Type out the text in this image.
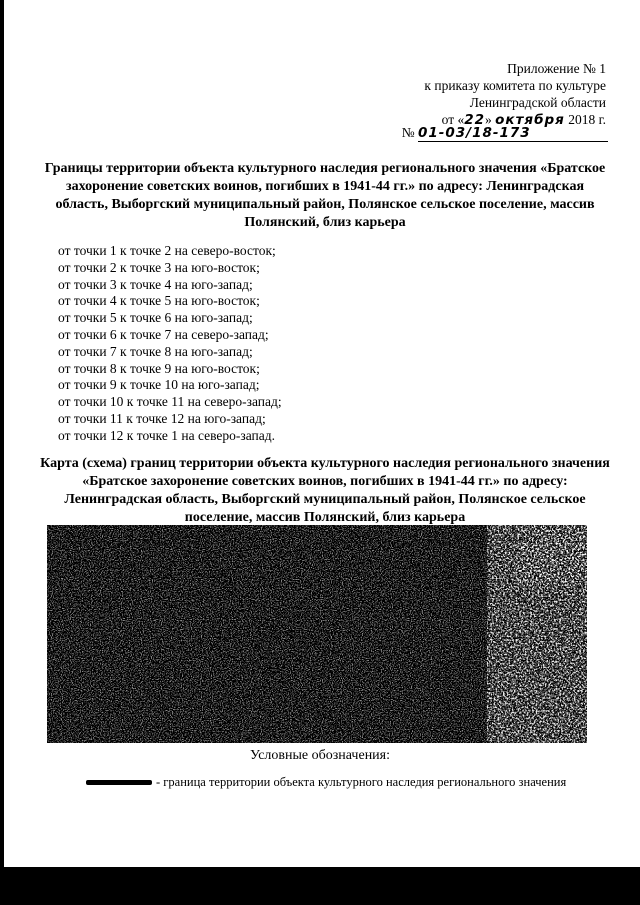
Приложение № 1
к приказу комитета по культуре
Ленинградской области
от «22» октября 2018 г.
№ 01-03/18-173
Границы территории объекта культурного наследия регионального значения «Братское захоронение советских воинов, погибших в 1941-44 гг.» по адресу: Ленинградская область, Выборгский муниципальный район, Полянское сельское поселение, массив Полянский, близ карьера
от точки 1 к точке 2 на северо-восток;
от точки 2 к точке 3 на юго-восток;
от точки 3 к точке 4 на юго-запад;
от точки 4 к точке 5 на юго-восток;
от точки 5 к точке 6 на юго-запад;
от точки 6 к точке 7 на северо-запад;
от точки 7 к точке 8 на юго-запад;
от точки 8 к точке 9 на юго-восток;
от точки 9 к точке 10 на юго-запад;
от точки 10 к точке 11 на северо-запад;
от точки 11 к точке 12 на юго-запад;
от точки 12 к точке 1 на северо-запад.
Карта (схема) границ территории объекта культурного наследия регионального значения «Братское захоронение советских воинов, погибших в 1941-44 гг.» по адресу: Ленинградская область, Выборгский муниципальный район, Полянское сельское поселение, массив Полянский, близ карьера
Условные обозначения:
- граница территории объекта культурного наследия регионального значения
